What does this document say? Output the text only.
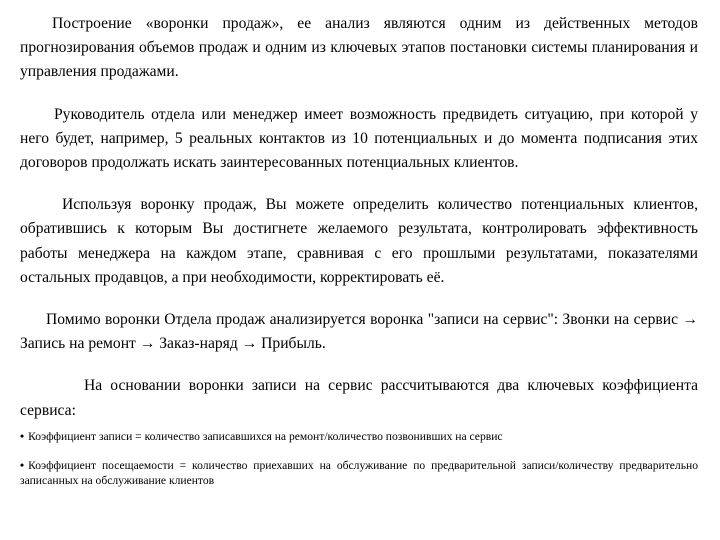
Построение «воронки продаж», ее анализ являются одним из действенных методов прогнозирования объемов продаж и одним из ключевых этапов постановки системы планирования и управления продажами.

Руководитель отдела или менеджер имеет возможность предвидеть ситуацию, при которой у него будет, например, 5 реальных контактов из 10 потенциальных и до момента подписания этих договоров продолжать искать заинтересованных потенциальных клиентов.

Используя воронку продаж, Вы можете определить количество потенциальных клиентов, обратившись к которым Вы достигнете желаемого результата, контролировать эффективность работы менеджера на каждом этапе, сравнивая с его прошлыми результатами, показателями остальных продавцов, а при необходимости, корректировать её.

Помимо воронки Отдела продаж анализируется воронка "записи на сервис": Звонки на сервис → Запись на ремонт → Заказ-наряд → Прибыль.

На основании воронки записи на сервис рассчитываются два ключевых коэффициента сервиса:

• Коэффициент записи = количество записавшихся на ремонт/количество позвонивших на сервис

• Коэффициент посещаемости = количество приехавших на обслуживание по предварительной записи/количеству предварительно записанных на обслуживание клиентов
